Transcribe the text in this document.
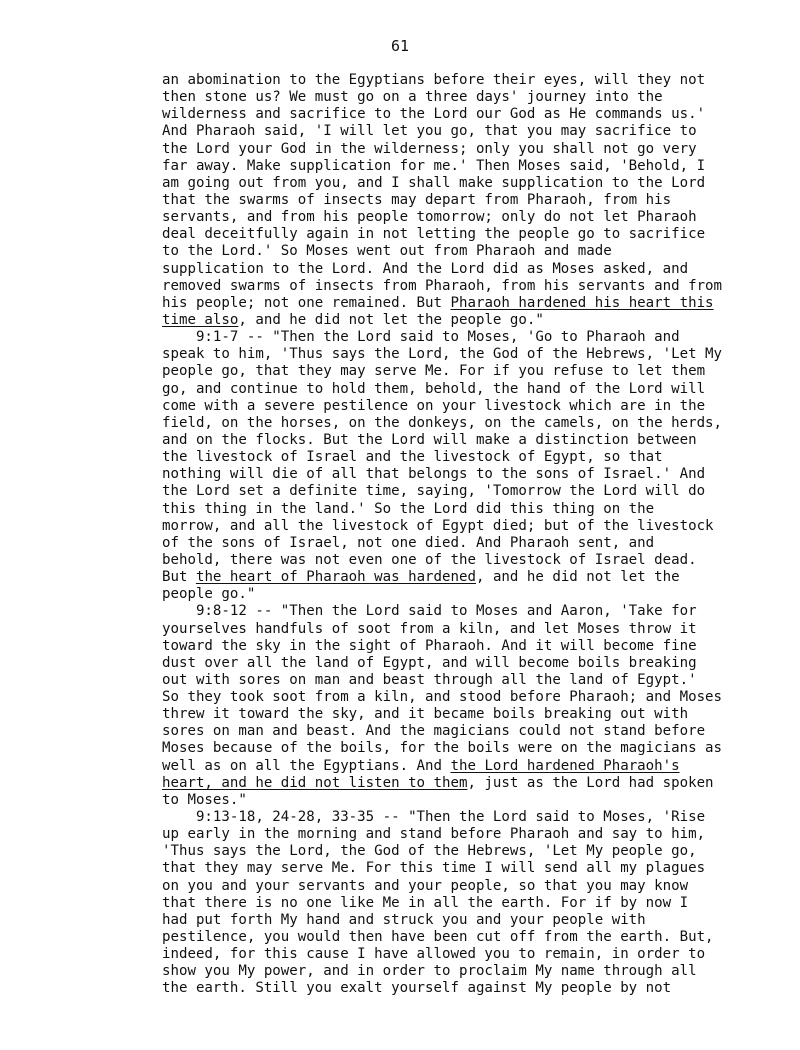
61
an abomination to the Egyptians before their eyes, will they not
then stone us? We must go on a three days' journey into the
wilderness and sacrifice to the Lord our God as He commands us.'
And Pharaoh said, 'I will let you go, that you may sacrifice to
the Lord your God in the wilderness; only you shall not go very
far away. Make supplication for me.' Then Moses said, 'Behold, I
am going out from you, and I shall make supplication to the Lord
that the swarms of insects may depart from Pharaoh, from his
servants, and from his people tomorrow; only do not let Pharaoh
deal deceitfully again in not letting the people go to sacrifice
to the Lord.' So Moses went out from Pharaoh and made
supplication to the Lord. And the Lord did as Moses asked, and
removed swarms of insects from Pharaoh, from his servants and from
his people; not one remained. But Pharaoh hardened his heart this
time also, and he did not let the people go."
9:1-7 -- "Then the Lord said to Moses, 'Go to Pharaoh and
speak to him, 'Thus says the Lord, the God of the Hebrews, 'Let My
people go, that they may serve Me. For if you refuse to let them
go, and continue to hold them, behold, the hand of the Lord will
come with a severe pestilence on your livestock which are in the
field, on the horses, on the donkeys, on the camels, on the herds,
and on the flocks. But the Lord will make a distinction between
the livestock of Israel and the livestock of Egypt, so that
nothing will die of all that belongs to the sons of Israel.' And
the Lord set a definite time, saying, 'Tomorrow the Lord will do
this thing in the land.' So the Lord did this thing on the
morrow, and all the livestock of Egypt died; but of the livestock
of the sons of Israel, not one died. And Pharaoh sent, and
behold, there was not even one of the livestock of Israel dead.
But the heart of Pharaoh was hardened, and he did not let the
people go."
9:8-12 -- "Then the Lord said to Moses and Aaron, 'Take for
yourselves handfuls of soot from a kiln, and let Moses throw it
toward the sky in the sight of Pharaoh. And it will become fine
dust over all the land of Egypt, and will become boils breaking
out with sores on man and beast through all the land of Egypt.'
So they took soot from a kiln, and stood before Pharaoh; and Moses
threw it toward the sky, and it became boils breaking out with
sores on man and beast. And the magicians could not stand before
Moses because of the boils, for the boils were on the magicians as
well as on all the Egyptians. And the Lord hardened Pharaoh's
heart, and he did not listen to them, just as the Lord had spoken
to Moses."
9:13-18, 24-28, 33-35 -- "Then the Lord said to Moses, 'Rise
up early in the morning and stand before Pharaoh and say to him,
'Thus says the Lord, the God of the Hebrews, 'Let My people go,
that they may serve Me. For this time I will send all my plagues
on you and your servants and your people, so that you may know
that there is no one like Me in all the earth. For if by now I
had put forth My hand and struck you and your people with
pestilence, you would then have been cut off from the earth. But,
indeed, for this cause I have allowed you to remain, in order to
show you My power, and in order to proclaim My name through all
the earth. Still you exalt yourself against My people by not
